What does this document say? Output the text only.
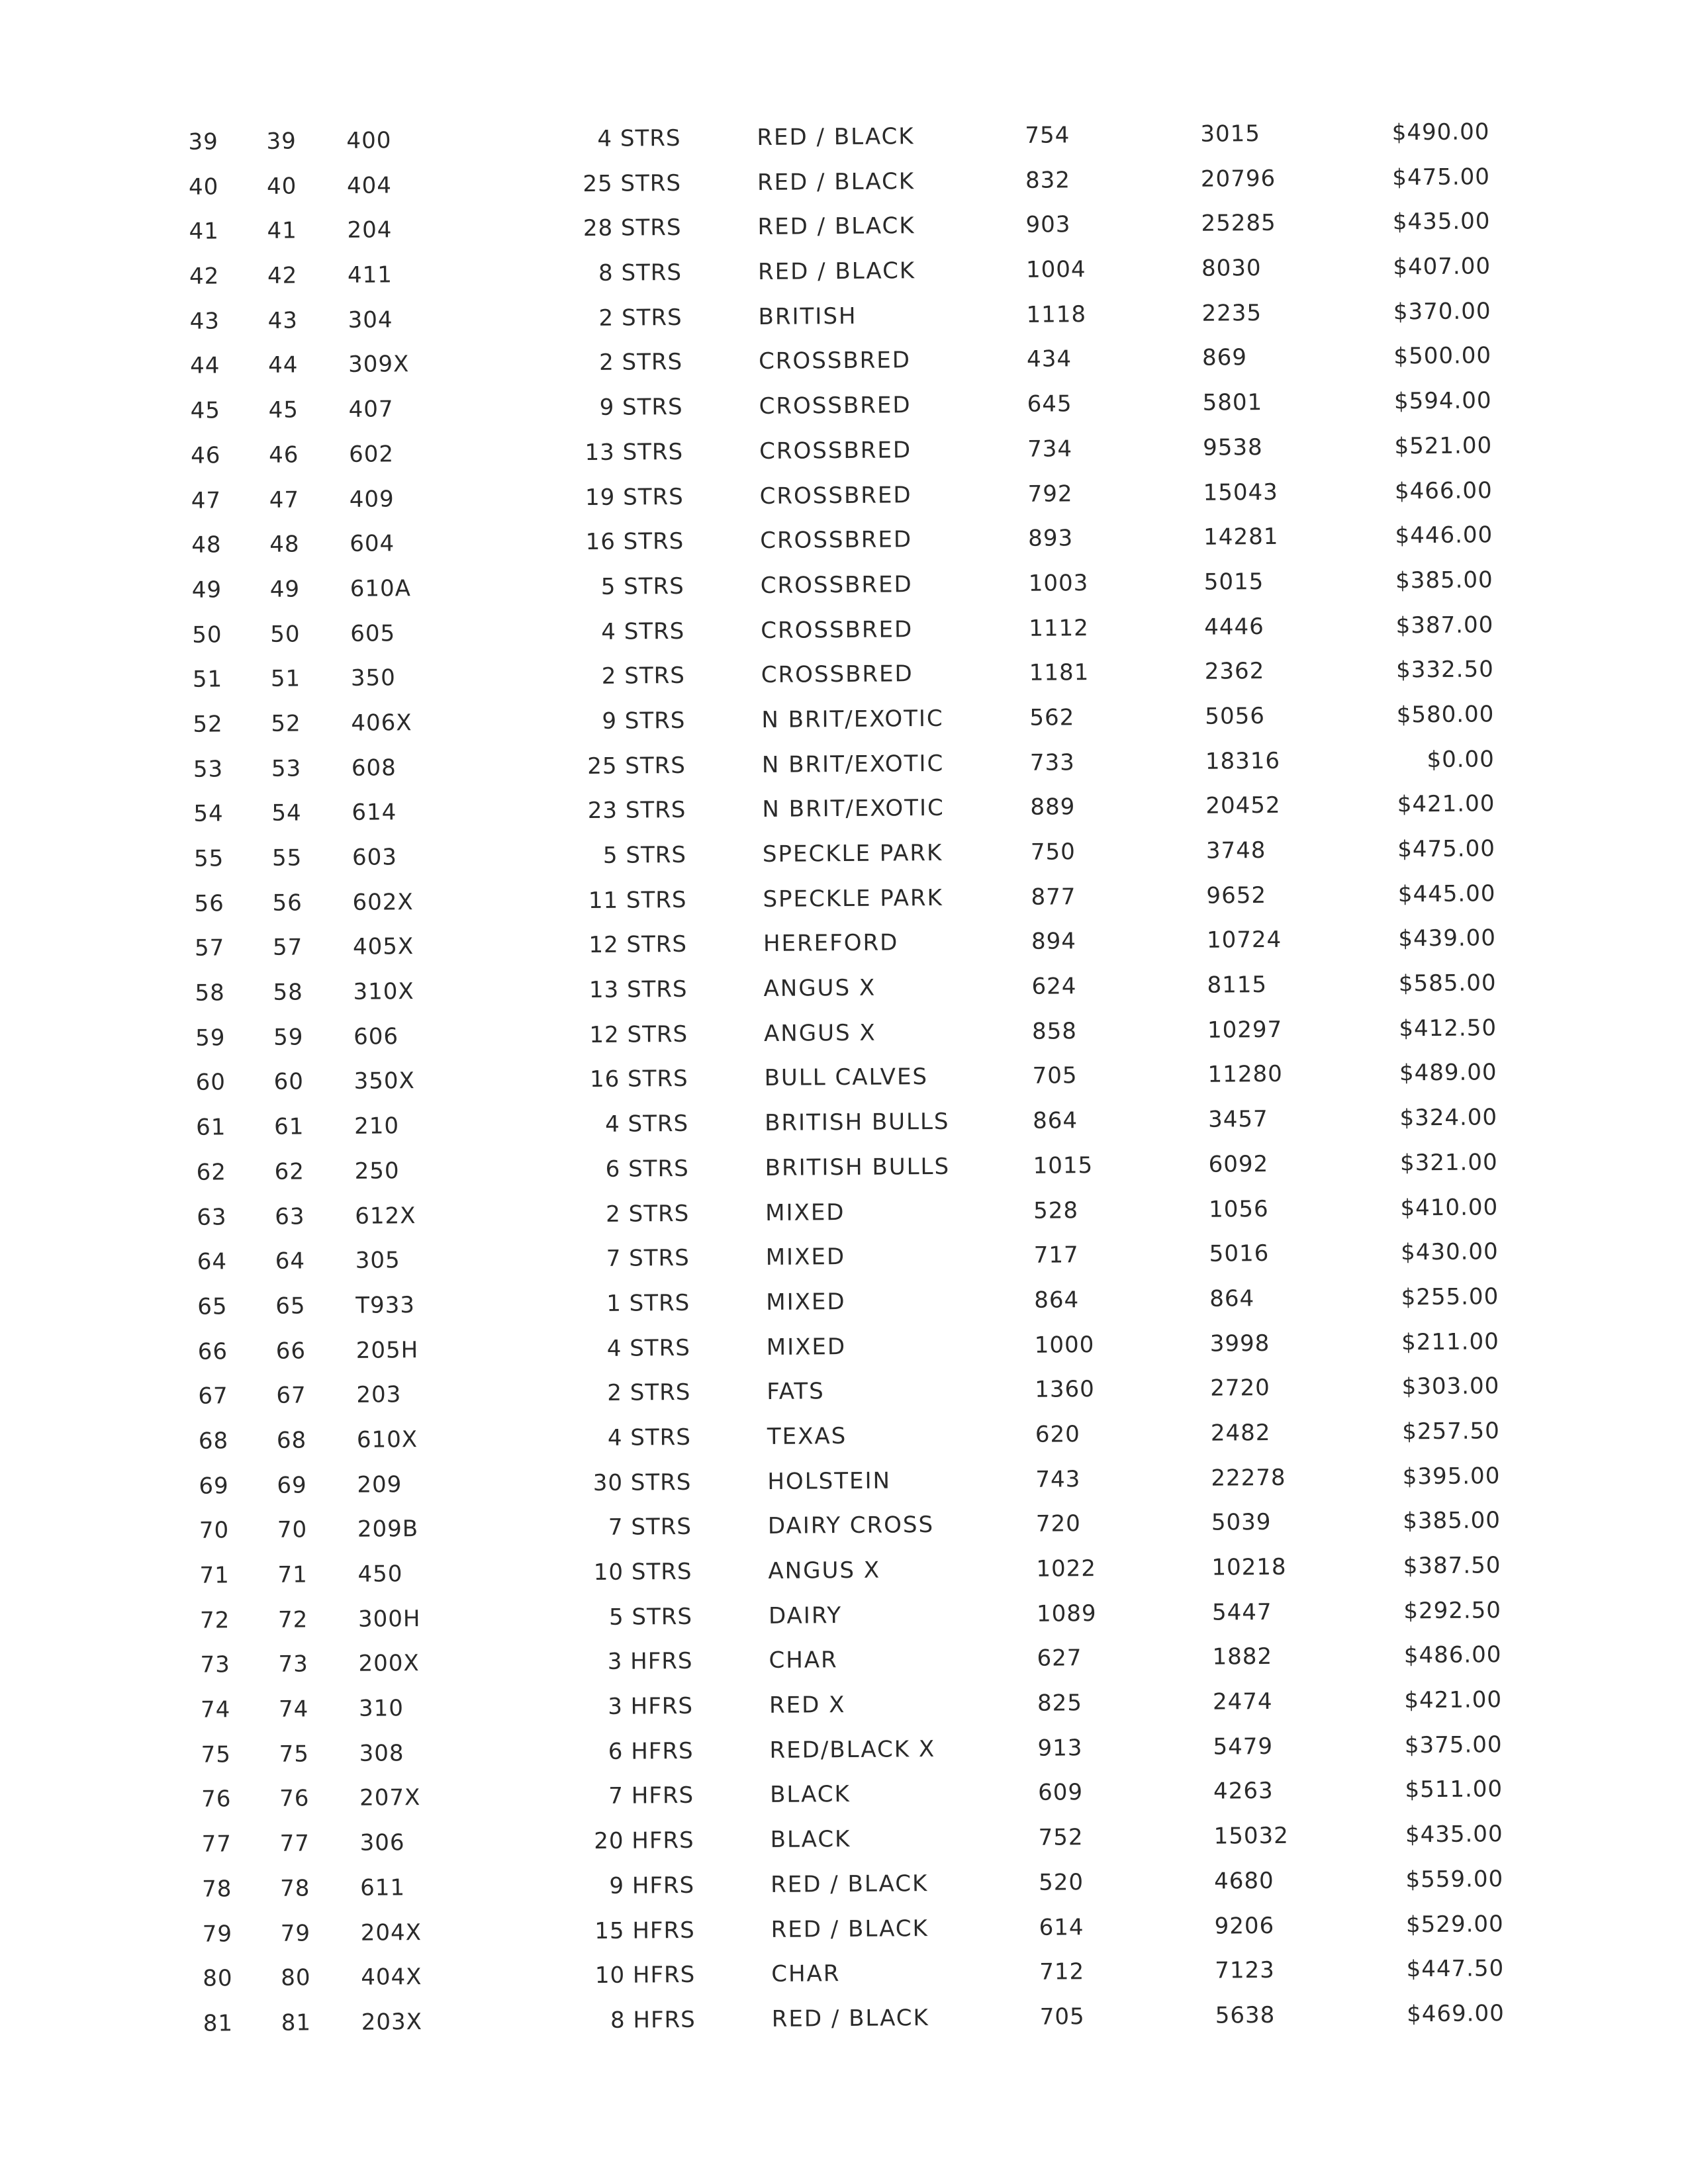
39	39	400	4 STRS	RED / BLACK	754	3015	$490.00
40	40	404	25 STRS	RED / BLACK	832	20796	$475.00
41	41	204	28 STRS	RED / BLACK	903	25285	$435.00
42	42	411	8 STRS	RED / BLACK	1004	8030	$407.00
43	43	304	2 STRS	BRITISH	1118	2235	$370.00
44	44	309X	2 STRS	CROSSBRED	434	869	$500.00
45	45	407	9 STRS	CROSSBRED	645	5801	$594.00
46	46	602	13 STRS	CROSSBRED	734	9538	$521.00
47	47	409	19 STRS	CROSSBRED	792	15043	$466.00
48	48	604	16 STRS	CROSSBRED	893	14281	$446.00
49	49	610A	5 STRS	CROSSBRED	1003	5015	$385.00
50	50	605	4 STRS	CROSSBRED	1112	4446	$387.00
51	51	350	2 STRS	CROSSBRED	1181	2362	$332.50
52	52	406X	9 STRS	N BRIT/EXOTIC	562	5056	$580.00
53	53	608	25 STRS	N BRIT/EXOTIC	733	18316	$0.00
54	54	614	23 STRS	N BRIT/EXOTIC	889	20452	$421.00
55	55	603	5 STRS	SPECKLE PARK	750	3748	$475.00
56	56	602X	11 STRS	SPECKLE PARK	877	9652	$445.00
57	57	405X	12 STRS	HEREFORD	894	10724	$439.00
58	58	310X	13 STRS	ANGUS X	624	8115	$585.00
59	59	606	12 STRS	ANGUS X	858	10297	$412.50
60	60	350X	16 STRS	BULL CALVES	705	11280	$489.00
61	61	210	4 STRS	BRITISH BULLS	864	3457	$324.00
62	62	250	6 STRS	BRITISH BULLS	1015	6092	$321.00
63	63	612X	2 STRS	MIXED	528	1056	$410.00
64	64	305	7 STRS	MIXED	717	5016	$430.00
65	65	T933	1 STRS	MIXED	864	864	$255.00
66	66	205H	4 STRS	MIXED	1000	3998	$211.00
67	67	203	2 STRS	FATS	1360	2720	$303.00
68	68	610X	4 STRS	TEXAS	620	2482	$257.50
69	69	209	30 STRS	HOLSTEIN	743	22278	$395.00
70	70	209B	7 STRS	DAIRY CROSS	720	5039	$385.00
71	71	450	10 STRS	ANGUS X	1022	10218	$387.50
72	72	300H	5 STRS	DAIRY	1089	5447	$292.50
73	73	200X	3 HFRS	CHAR	627	1882	$486.00
74	74	310	3 HFRS	RED X	825	2474	$421.00
75	75	308	6 HFRS	RED/BLACK X	913	5479	$375.00
76	76	207X	7 HFRS	BLACK	609	4263	$511.00
77	77	306	20 HFRS	BLACK	752	15032	$435.00
78	78	611	9 HFRS	RED / BLACK	520	4680	$559.00
79	79	204X	15 HFRS	RED / BLACK	614	9206	$529.00
80	80	404X	10 HFRS	CHAR	712	7123	$447.50
81	81	203X	8 HFRS	RED / BLACK	705	5638	$469.00
